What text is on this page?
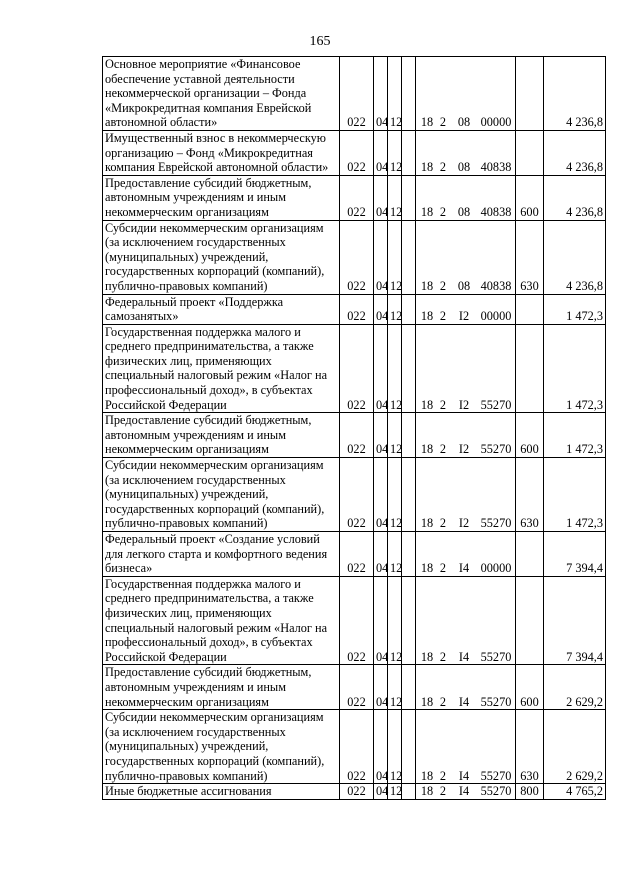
165
Основное мероприятие «Финансовое обеспечение уставной деятельности некоммерческой организации – Фонда «Микрокредитная компания Еврейской автономной области»	022	04	12		18 2 08 00000		4 236,8
Имущественный взнос в некоммерческую организацию – Фонд «Микрокредитная компания Еврейской автономной области»	022	04	12		18 2 08 40838		4 236,8
Предоставление субсидий бюджетным, автономным учреждениям и иным некоммерческим организациям	022	04	12		18 2 08 40838	600	4 236,8
Субсидии некоммерческим организациям (за исключением государственных (муниципальных) учреждений, государственных корпораций (компаний), публично-правовых компаний)	022	04	12		18 2 08 40838	630	4 236,8
Федеральный проект «Поддержка самозанятых»	022	04	12		18 2 I2 00000		1 472,3
Государственная поддержка малого и среднего предпринимательства, а также физических лиц, применяющих специальный налоговый режим «Налог на профессиональный доход», в субъектах Российской Федерации	022	04	12		18 2 I2 55270		1 472,3
Предоставление субсидий бюджетным, автономным учреждениям и иным некоммерческим организациям	022	04	12		18 2 I2 55270	600	1 472,3
Субсидии некоммерческим организациям (за исключением государственных (муниципальных) учреждений, государственных корпораций (компаний), публично-правовых компаний)	022	04	12		18 2 I2 55270	630	1 472,3
Федеральный проект «Создание условий для легкого старта и комфортного ведения бизнеса»	022	04	12		18 2 I4 00000		7 394,4
Государственная поддержка малого и среднего предпринимательства, а также физических лиц, применяющих специальный налоговый режим «Налог на профессиональный доход», в субъектах Российской Федерации	022	04	12		18 2 I4 55270		7 394,4
Предоставление субсидий бюджетным, автономным учреждениям и иным некоммерческим организациям	022	04	12		18 2 I4 55270	600	2 629,2
Субсидии некоммерческим организациям (за исключением государственных (муниципальных) учреждений, государственных корпораций (компаний), публично-правовых компаний)	022	04	12		18 2 I4 55270	630	2 629,2
Иные бюджетные ассигнования	022	04	12		18 2 I4 55270	800	4 765,2
